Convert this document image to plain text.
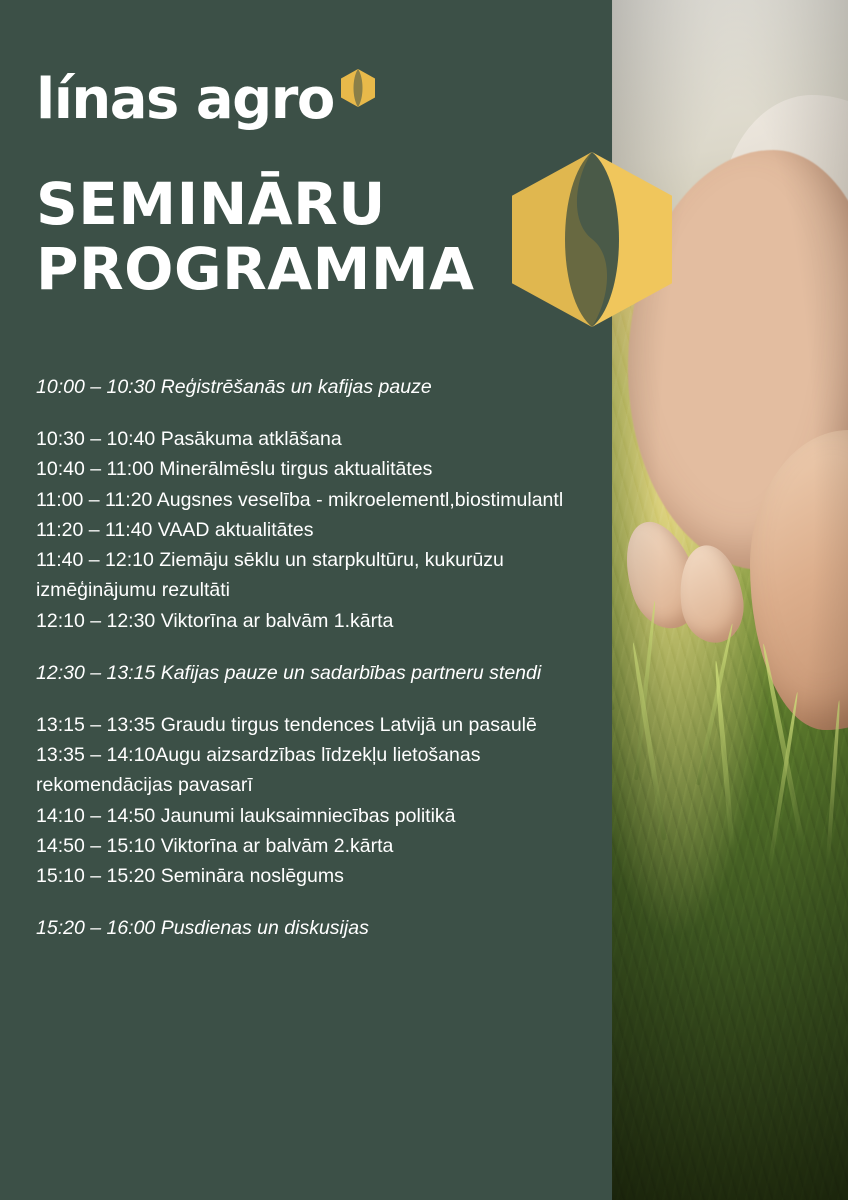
línas agro
SEMINĀRU
PROGRAMMA
10:00 – 10:30 Reģistrēšanās un kafijas pauze
10:30 – 10:40 Pasākuma atklāšana
10:40 – 11:00 Minerālmēslu tirgus aktualitātes
11:00 – 11:20 Augsnes veselība - mikroelementl,biostimulantl
11:20 – 11:40 VAAD aktualitātes
11:40 – 12:10 Ziemāju sēklu un starpkultūru, kukurūzu izmēģinājumu rezultāti
12:10 – 12:30 Viktorīna ar balvām 1.kārta
12:30 – 13:15 Kafijas pauze un sadarbības partneru stendi
13:15 – 13:35 Graudu tirgus tendences Latvijā un pasaulē
13:35 – 14:10Augu aizsardzības līdzekļu lietošanas rekomendācijas pavasarī
14:10 – 14:50 Jaunumi lauksaimniecības politikā
14:50 – 15:10 Viktorīna ar balvām 2.kārta
15:10 – 15:20 Semināra noslēgums
15:20 – 16:00 Pusdienas un diskusijas
